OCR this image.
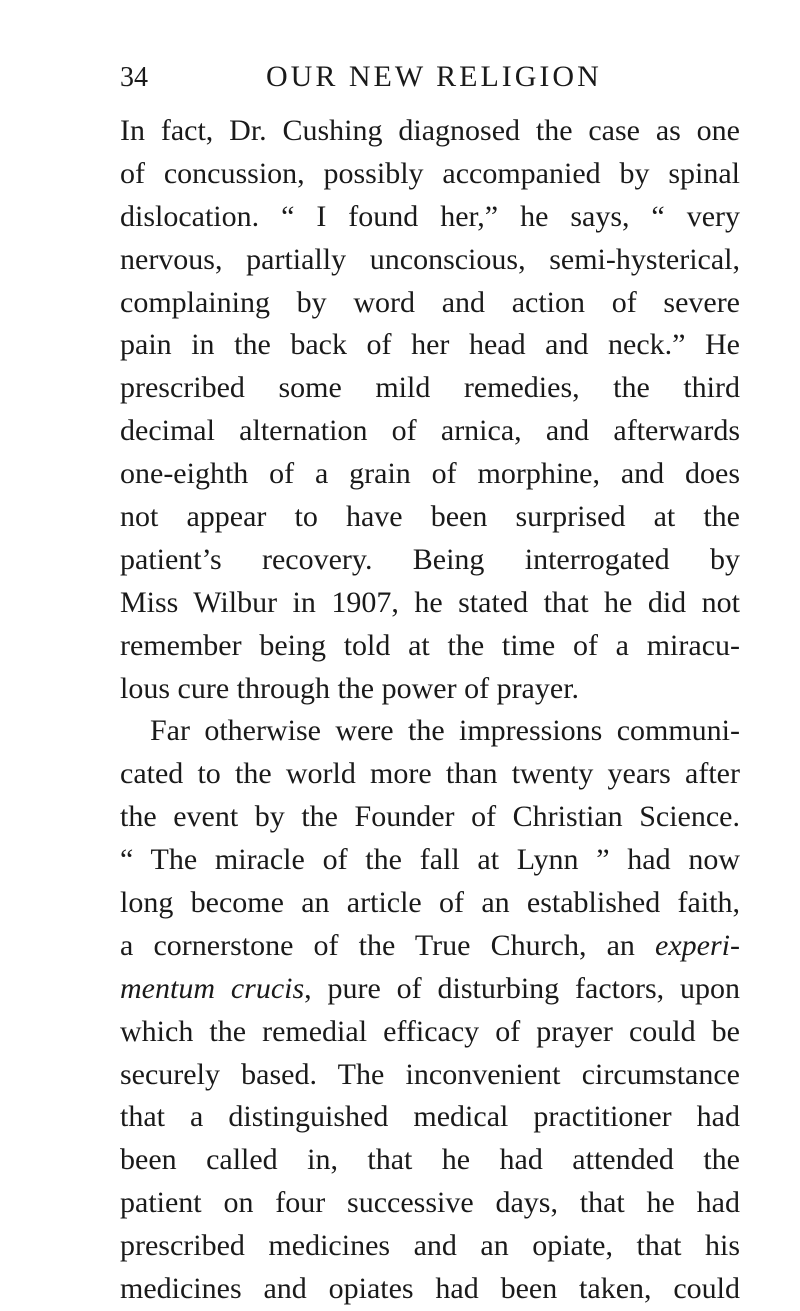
34	OUR NEW RELIGION
In fact, Dr. Cushing diagnosed the case as one
of concussion, possibly accompanied by spinal
dislocation. “ I found her,” he says, “ very
nervous, partially unconscious, semi-hysterical,
complaining by word and action of severe
pain in the back of her head and neck.” He
prescribed some mild remedies, the third
decimal alternation of arnica, and afterwards
one-eighth of a grain of morphine, and does
not appear to have been surprised at the
patient’s recovery. Being interrogated by
Miss Wilbur in 1907, he stated that he did not
remember being told at the time of a miracu-
lous cure through the power of prayer.
Far otherwise were the impressions communi-
cated to the world more than twenty years after
the event by the Founder of Christian Science.
“ The miracle of the fall at Lynn ” had now
long become an article of an established faith,
a cornerstone of the True Church, an experi-
mentum crucis, pure of disturbing factors, upon
which the remedial efficacy of prayer could be
securely based. The inconvenient circumstance
that a distinguished medical practitioner had
been called in, that he had attended the
patient on four successive days, that he had
prescribed medicines and an opiate, that his
medicines and opiates had been taken, could
